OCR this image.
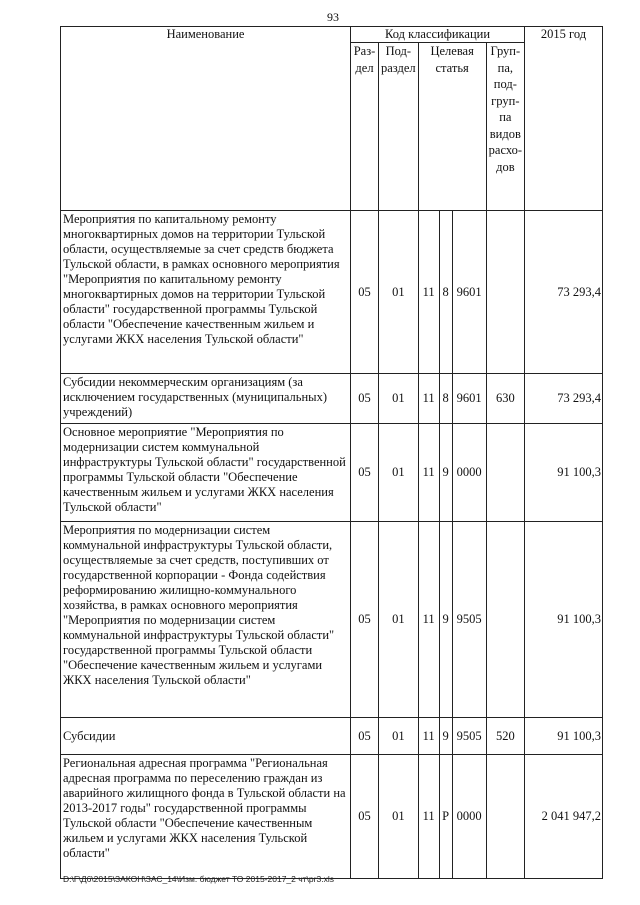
93
Наименование	Код классификации						2015 год
	Раз-дел	Под-раздел	Целевая статья			Груп-па, под-груп-па видов расхо-дов	
Мероприятия по капитальному ремонту многоквартирных домов на территории Тульской области, осуществляемые за счет средств бюджета Тульской области, в рамках основного мероприятия "Мероприятия по капитальному ремонту многоквартирных домов на территории Тульской области" государственной программы Тульской области "Обеспечение качественным жильем и услугами ЖКХ населения Тульской области"	05	01	11	8	9601		73 293,4
Субсидии некоммерческим организациям (за исключением государственных (муниципальных) учреждений)	05	01	11	8	9601	630	73 293,4
Основное мероприятие "Мероприятия по модернизации систем коммунальной инфраструктуры Тульской области" государственной программы Тульской области "Обеспечение качественным жильем и услугами ЖКХ населения Тульской области"	05	01	11	9	0000		91 100,3
Мероприятия по модернизации систем коммунальной инфраструктуры Тульской области, осуществляемые за счет средств, поступивших от государственной корпорации - Фонда содействия реформированию жилищно-коммунального хозяйства, в рамках основного мероприятия "Мероприятия по модернизации систем коммунальной инфраструктуры Тульской области" государственной программы Тульской области "Обеспечение качественным жильем и услугами ЖКХ населения Тульской области"	05	01	11	9	9505		91 100,3
Субсидии	05	01	11	9	9505	520	91 100,3
Региональная адресная программа "Региональная адресная программа по переселению граждан из аварийного жилищного фонда в Тульской области на 2013-2017 годы" государственной программы Тульской области "Обеспечение качественным жильем и услугами ЖКХ населения Тульской области"	05	01	11	Р	0000		2 041 947,2
D:\Г\Д6\2015\ЗАКОН\ЗАС_14\Изм. бюджет ТО 2015-2017_2 чт\pr3.xls
